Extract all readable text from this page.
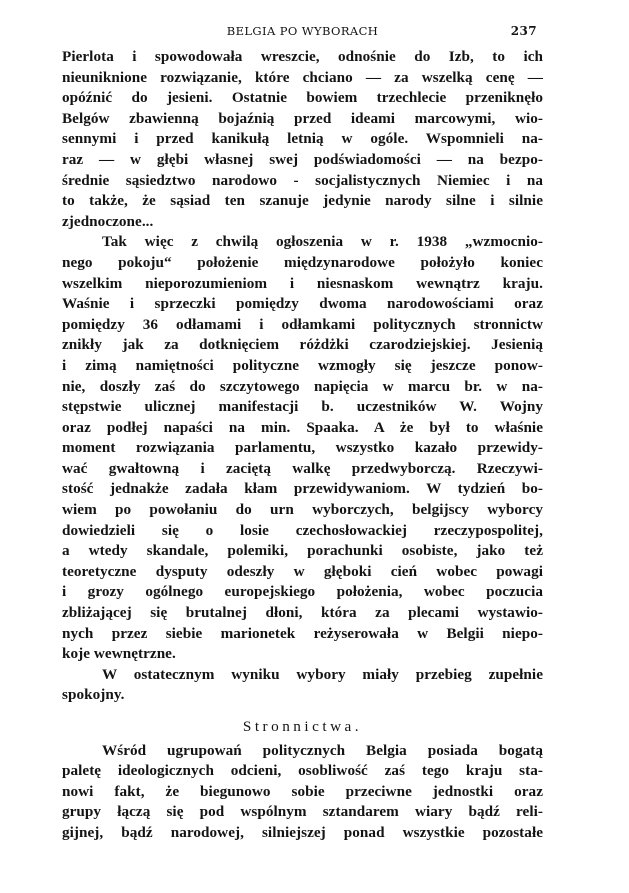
BELGIA PO WYBORACH	237
Pierlota i spowodowała wreszcie, odnośnie do Izb, to ich
nieuniknione rozwiązanie, które chciano — za wszelką cenę —
opóźnić do jesieni. Ostatnie bowiem trzechlecie przeniknęło
Belgów zbawienną bojaźnią przed ideami marcowymi, wio-
sennymi i przed kanikułą letnią w ogóle. Wspomnieli na-
raz — w głębi własnej swej podświadomości — na bezpo-
średnie sąsiedztwo narodowo - socjalistycznych Niemiec i na
to także, że sąsiad ten szanuje jedynie narody silne i silnie
zjednoczone...
Tak więc z chwilą ogłoszenia w r. 1938 „wzmocnio-
nego pokoju“ położenie międzynarodowe położyło koniec
wszelkim nieporozumieniom i niesnaskom wewnątrz kraju.
Waśnie i sprzeczki pomiędzy dwoma narodowościami oraz
pomiędzy 36 odłamami i odłamkami politycznych stronnictw
znikły jak za dotknięciem różdżki czarodziejskiej. Jesienią
i zimą namiętności polityczne wzmogły się jeszcze ponow-
nie, doszły zaś do szczytowego napięcia w marcu br. w na-
stępstwie ulicznej manifestacji b. uczestników W. Wojny
oraz podłej napaści na min. Spaaka. A że był to właśnie
moment rozwiązania parlamentu, wszystko kazało przewidy-
wać gwałtowną i zaciętą walkę przedwyborczą. Rzeczywi-
stość jednakże zadała kłam przewidywaniom. W tydzień bo-
wiem po powołaniu do urn wyborczych, belgijscy wyborcy
dowiedzieli się o losie czechosłowackiej rzeczypospolitej,
a wtedy skandale, polemiki, porachunki osobiste, jako też
teoretyczne dysputy odeszły w głęboki cień wobec powagi
i grozy ogólnego europejskiego położenia, wobec poczucia
zbliżającej się brutalnej dłoni, która za plecami wystawio-
nych przez siebie marionetek reżyserowała w Belgii niepo-
koje wewnętrzne.
W ostatecznym wyniku wybory miały przebieg zupełnie
spokojny.
Stronnictwa.
Wśród ugrupowań politycznych Belgia posiada bogatą
paletę ideologicznych odcieni, osobliwość zaś tego kraju sta-
nowi fakt, że biegunowo sobie przeciwne jednostki oraz
grupy łączą się pod wspólnym sztandarem wiary bądź reli-
gijnej, bądź narodowej, silniejszej ponad wszystkie pozostałe
